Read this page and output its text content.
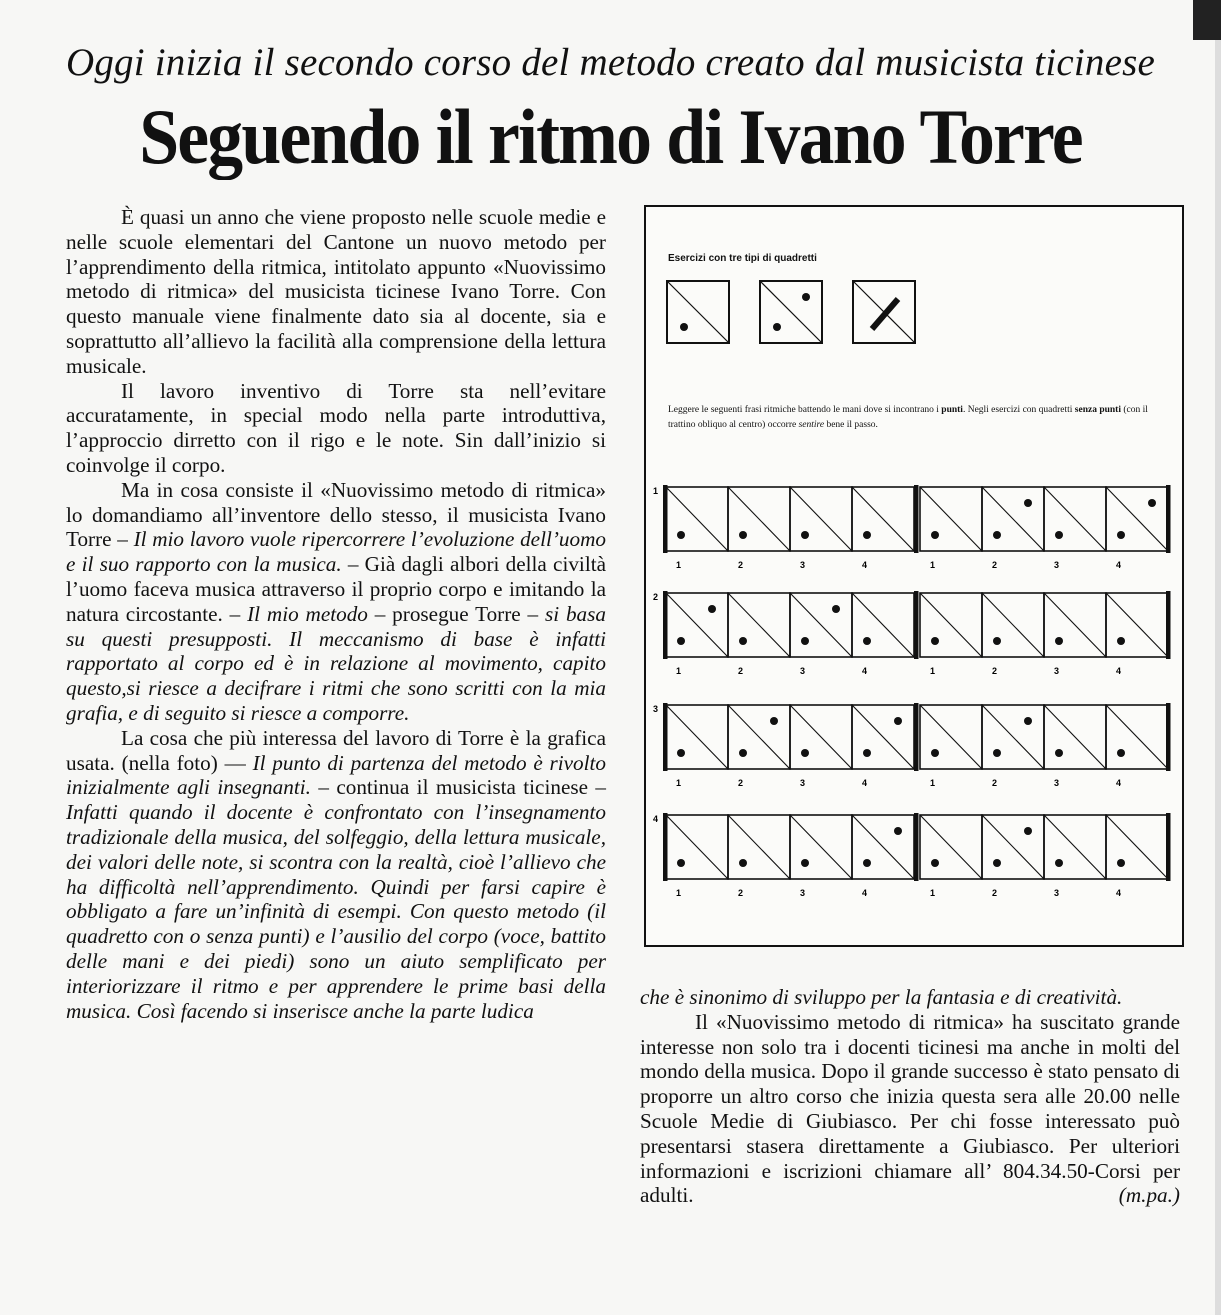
Oggi inizia il secondo corso del metodo creato dal musicista ticinese
Seguendo il ritmo di Ivano Torre

È quasi un anno che viene proposto nelle scuole medie e nelle scuole elementari del Cantone un nuovo metodo per l’apprendimento della ritmica, intitolato appunto «Nuovissimo metodo di ritmica» del musicista ticinese Ivano Torre. Con questo manuale viene finalmente dato sia al docente, sia e soprattutto all’allievo la facilità alla comprensione della lettura musicale.

Il lavoro inventivo di Torre sta nell’evitare accuratamente, in special modo nella parte introduttiva, l’approccio dirretto con il rigo e le note. Sin dall’inizio si coinvolge il corpo.

Ma in cosa consiste il «Nuovissimo metodo di ritmica» lo domandiamo all’inventore dello stesso, il musicista Ivano Torre – Il mio lavoro vuole ripercorrere l’evoluzione dell’uomo e il suo rapporto con la musica. – Già dagli albori della civiltà l’uomo faceva musica attraverso il proprio corpo e imitando la natura circostante. – Il mio metodo – prosegue Torre – si basa su questi presupposti. Il meccanismo di base è infatti rapportato al corpo ed è in relazione al movimento, capito questo,si riesce a decifrare i ritmi che sono scritti con la mia grafia, e di seguito si riesce a comporre.

La cosa che più interessa del lavoro di Torre è la grafica usata. (nella foto) — Il punto di partenza del metodo è rivolto inizialmente agli insegnanti. – continua il musicista ticinese – Infatti quando il docente è confrontato con l’insegnamento tradizionale della musica, del solfeggio, della lettura musicale, dei valori delle note, si scontra con la realtà, cioè l’allievo che ha difficoltà nell’apprendimento. Quindi per farsi capire è obbligato a fare un’infinità di esempi. Con questo metodo (il quadretto con o senza punti) e l’ausilio del corpo (voce, battito delle mani e dei piedi) sono un aiuto semplificato per interiorizzare il ritmo e per apprendere le prime basi della musica. Così facendo si inserisce anche la parte ludica

che è sinonimo di sviluppo per la fantasia e di creatività.

Il «Nuovissimo metodo di ritmica» ha suscitato grande interesse non solo tra i docenti ticinesi ma anche in molti del mondo della musica. Dopo il grande successo è stato pensato di proporre un altro corso che inizia questa sera alle 20.00 nelle Scuole Medie di Giubiasco. Per chi fosse interessato può presentarsi stasera direttamente a Giubiasco. Per ulteriori informazioni e iscrizioni chiamare all’ 804.34.50-Corsi per adulti.	(m.pa.)

Esercizi con tre tipi di quadretti
Leggere le seguenti frasi ritmiche battendo le mani dove si incontrano i punti. Negli esercizi con quadretti senza punti (con il trattino obliquo al centro) occorre sentire bene il passo.
1
1	2	3	4	1	2	3	4
2
1	2	3	4	1	2	3	4
3
1	2	3	4	1	2	3	4
4
1	2	3	4	1	2	3	4
